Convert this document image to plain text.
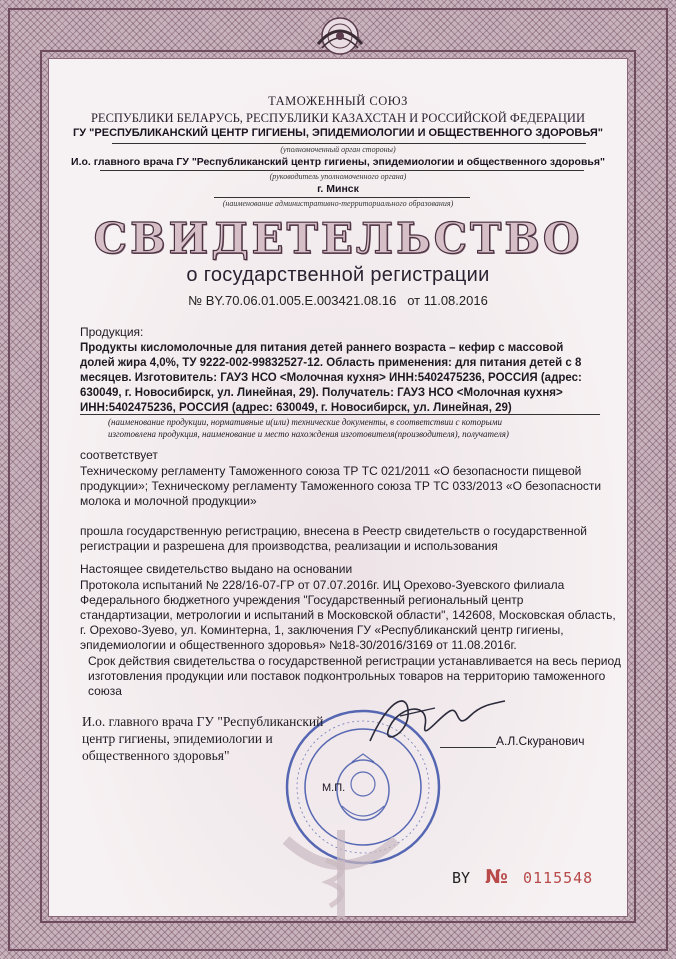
ТАМОЖЕННЫЙ СОЮЗ
РЕСПУБЛИКИ БЕЛАРУСЬ, РЕСПУБЛИКИ КАЗАХСТАН И РОССИЙСКОЙ ФЕДЕРАЦИИ
ГУ "РЕСПУБЛИКАНСКИЙ ЦЕНТР ГИГИЕНЫ, ЭПИДЕМИОЛОГИИ И ОБЩЕСТВЕННОГО ЗДОРОВЬЯ"
(уполномоченный орган стороны)
И.о. главного врача ГУ "Республиканский центр гигиены, эпидемиологии и общественного здоровья"
(руководитель уполномоченного органа)
г. Минск
(наименование административно-территориального образования)
СВИДЕТЕЛЬСТВО
о государственной регистрации
№ BY.70.06.01.005.E.003421.08.16 от 11.08.2016
Продукция:
Продукты кисломолочные для питания детей раннего возраста – кефир с массовой
долей жира 4,0%, ТУ 9222-002-99832527-12. Область применения: для питания детей с 8
месяцев. Изготовитель: ГАУЗ НСО <Молочная кухня> ИНН:5402475236, РОССИЯ (адрес:
630049, г. Новосибирск, ул. Линейная, 29). Получатель: ГАУЗ НСО <Молочная кухня>
ИНН:5402475236, РОССИЯ (адрес: 630049, г. Новосибирск, ул. Линейная, 29)
(наименование продукции, нормативные и(или) технические документы, в соответствии с которыми
изготовлена продукция, наименование и место нахождения изготовителя(производителя), получателя)
соответствует
Техническому регламенту Таможенного союза ТР ТС 021/2011 «О безопасности пищевой
продукции»; Техническому регламенту Таможенного союза ТР ТС 033/2013 «О безопасности
молока и молочной продукции»
прошла государственную регистрацию, внесена в Реестр свидетельств о государственной
регистрации и разрешена для производства, реализации и использования
Настоящее свидетельство выдано на основании
Протокола испытаний № 228/16-07-ГР от 07.07.2016г. ИЦ Орехово-Зуевского филиала
Федерального бюджетного учреждения "Государственный региональный центр
стандартизации, метрологии и испытаний в Московской области", 142608, Московская область,
г. Орехово-Зуево, ул. Коминтерна, 1, заключения ГУ «Республиканский центр гигиены,
эпидемиологии и общественного здоровья» №18-30/2016/3169 от 11.08.2016г.
Срок действия свидетельства о государственной регистрации устанавливается на весь период
изготовления продукции или поставок подконтрольных товаров на территорию таможенного
союза
И.о. главного врача ГУ "Республиканский
центр гигиены, эпидемиологии и
общественного здоровья"
А.Л.Скуранович
М.П.
BY № 0115548
